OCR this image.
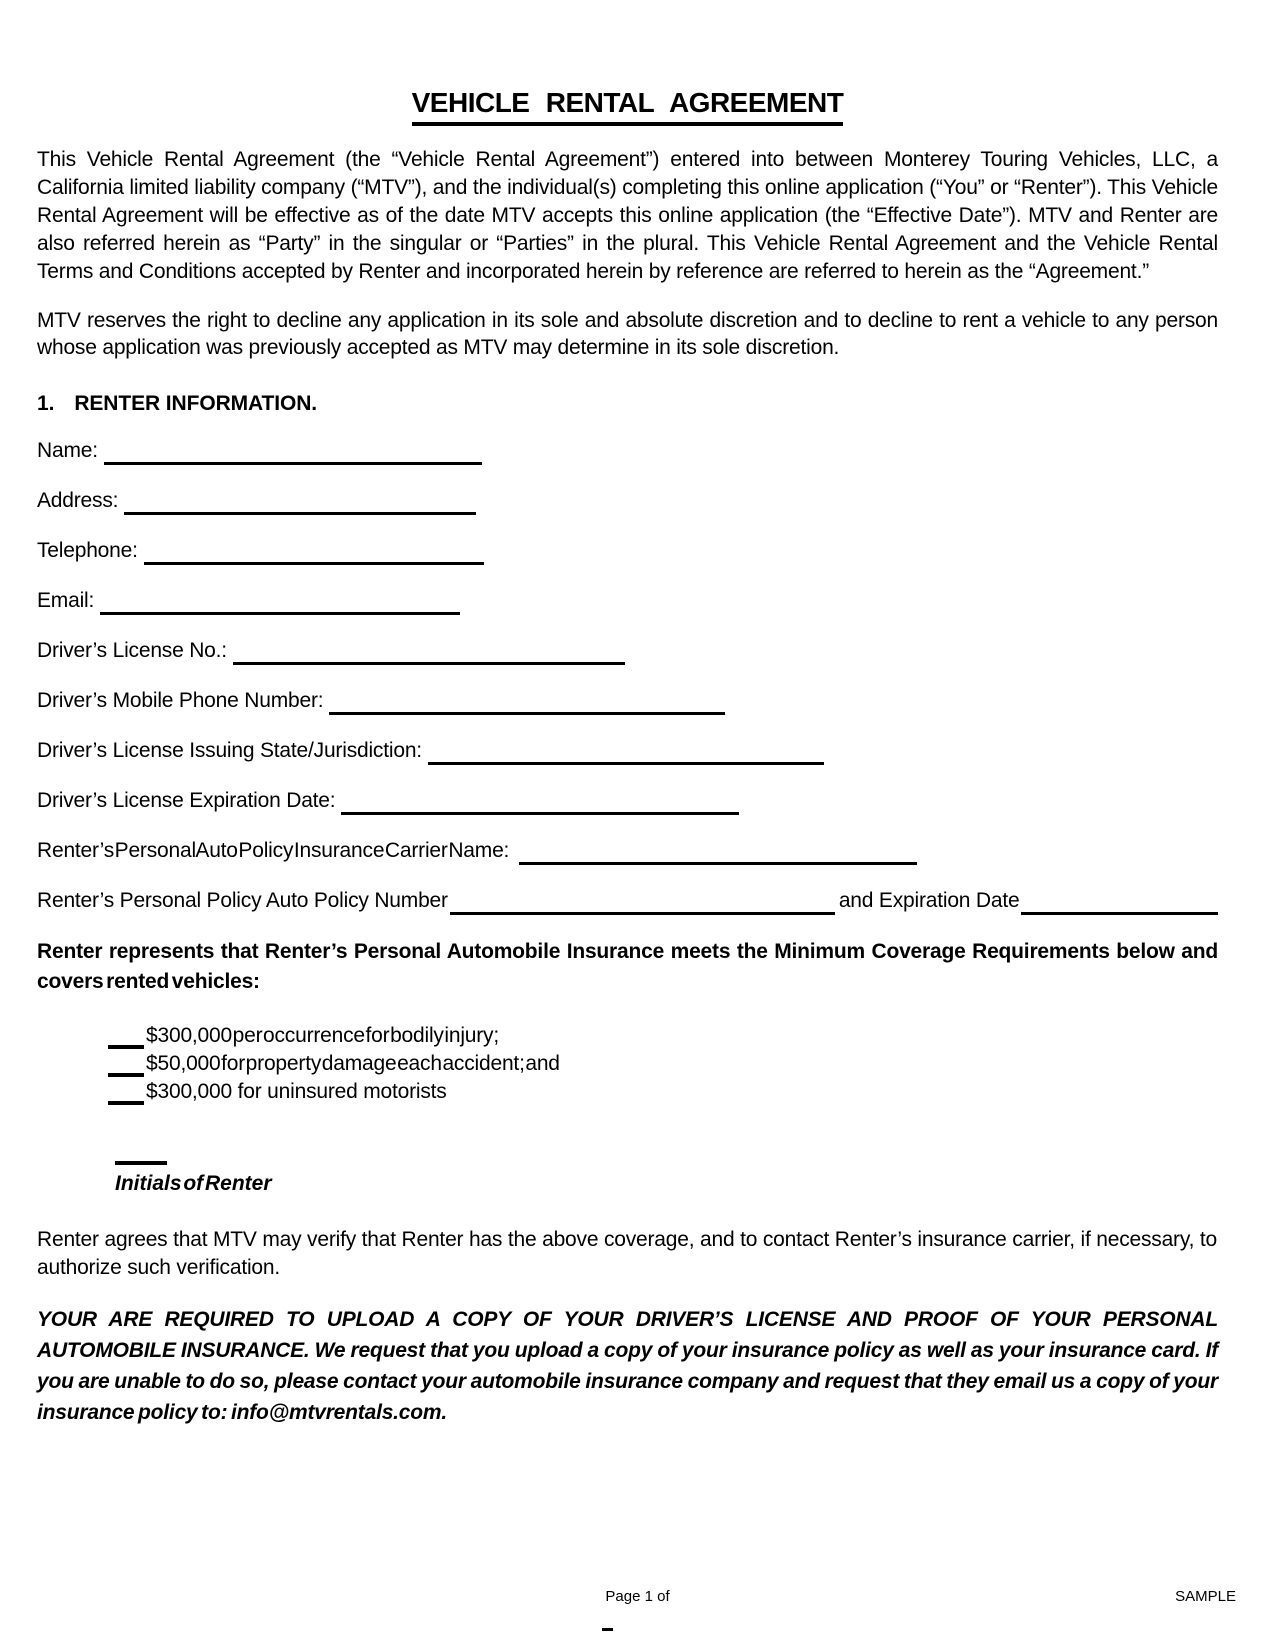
VEHICLE RENTAL AGREEMENT

This Vehicle Rental Agreement (the “Vehicle Rental Agreement”) entered into between Monterey Touring Vehicles, LLC, a California limited liability company (“MTV”), and the individual(s) completing this online application (“You” or “Renter”). This Vehicle Rental Agreement will be effective as of the date MTV accepts this online application (the “Effective Date”). MTV and Renter are also referred herein as “Party” in the singular or “Parties” in the plural. This Vehicle Rental Agreement and the Vehicle Rental Terms and Conditions accepted by Renter and incorporated herein by reference are referred to herein as the “Agreement.”

MTV reserves the right to decline any application in its sole and absolute discretion and to decline to rent a vehicle to any person whose application was previously accepted as MTV may determine in its sole discretion.

1. RENTER INFORMATION.
Name:
Address:
Telephone:
Email:
Driver’s License No.:
Driver’s Mobile Phone Number:
Driver’s License Issuing State/Jurisdiction:
Driver’s License Expiration Date:
Renter’s Personal Auto Policy Insurance Carrier Name:
Renter’s Personal Policy Auto Policy Number	and Expiration Date

Renter represents that Renter’s Personal Automobile Insurance meets the Minimum Coverage Requirements below and covers rented vehicles:

$300,000 per occurrence for bodily injury;
$50,000 for property damage each accident; and
$300,000 for uninsured motorists
Initials of Renter

Renter agrees that MTV may verify that Renter has the above coverage, and to contact Renter’s insurance carrier, if necessary, to authorize such verification.

YOUR ARE REQUIRED TO UPLOAD A COPY OF YOUR DRIVER’S LICENSE AND PROOF OF YOUR PERSONAL AUTOMOBILE INSURANCE. We request that you upload a copy of your insurance policy as well as your insurance card. If you are unable to do so, please contact your automobile insurance company and request that they email us a copy of your insurance policy to: info@mtvrentals.com.

Page 1 of	SAMPLE
